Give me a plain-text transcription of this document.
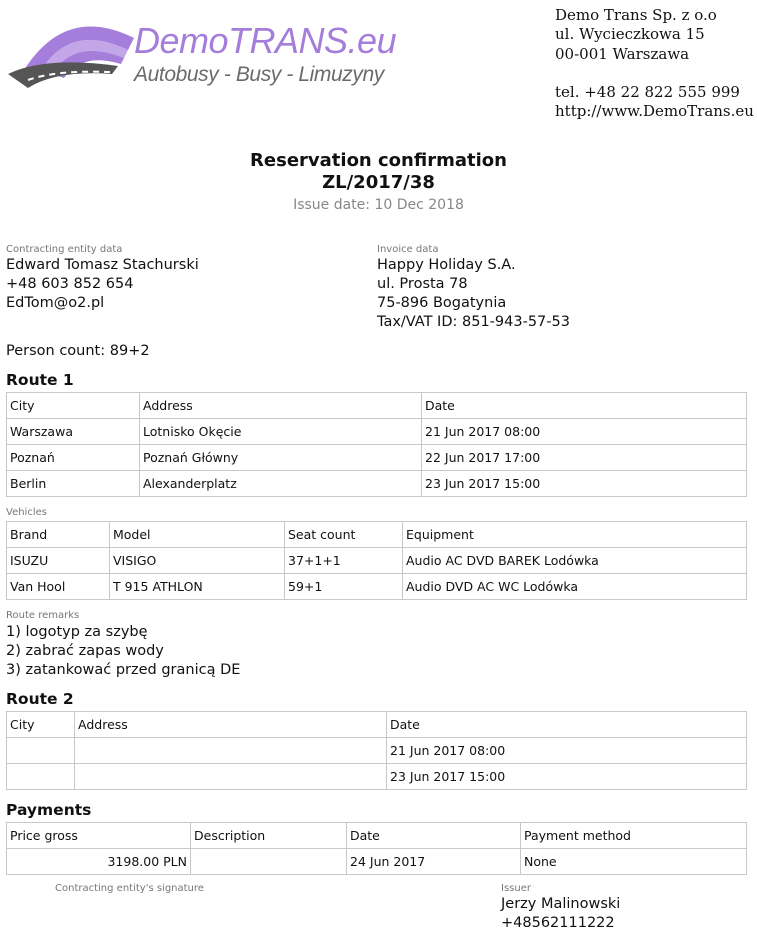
DemoTRANS.eu
Autobusy - Busy - Limuzyny
Demo Trans Sp. z o.o
ul. Wycieczkowa 15
00-001 Warszawa
tel. +48 22 822 555 999
http://www.DemoTrans.eu
Reservation confirmation
ZL/2017/38
Issue date: 10 Dec 2018
Contracting entity data
Edward Tomasz Stachurski
+48 603 852 654
EdTom@o2.pl
Invoice data
Happy Holiday S.A.
ul. Prosta 78
75-896 Bogatynia
Tax/VAT ID: 851-943-57-53
Person count: 89+2
Route 1
City	Address	Date
Warszawa	Lotnisko Okęcie	21 Jun 2017 08:00
Poznań	Poznań Główny	22 Jun 2017 17:00
Berlin	Alexanderplatz	23 Jun 2017 15:00
Vehicles
Brand	Model	Seat count	Equipment
ISUZU	VISIGO	37+1+1	Audio AC DVD BAREK Lodówka
Van Hool	T 915 ATHLON	59+1	Audio DVD AC WC Lodówka
Route remarks
1) logotyp za szybę
2) zabrać zapas wody
3) zatankować przed granicą DE
Route 2
City	Address	Date
		21 Jun 2017 08:00
		23 Jun 2017 15:00
Payments
Price gross	Description	Date	Payment method
3198.00 PLN		24 Jun 2017	None
Contracting entity's signature	Issuer
Jerzy Malinowski
+48562111222
